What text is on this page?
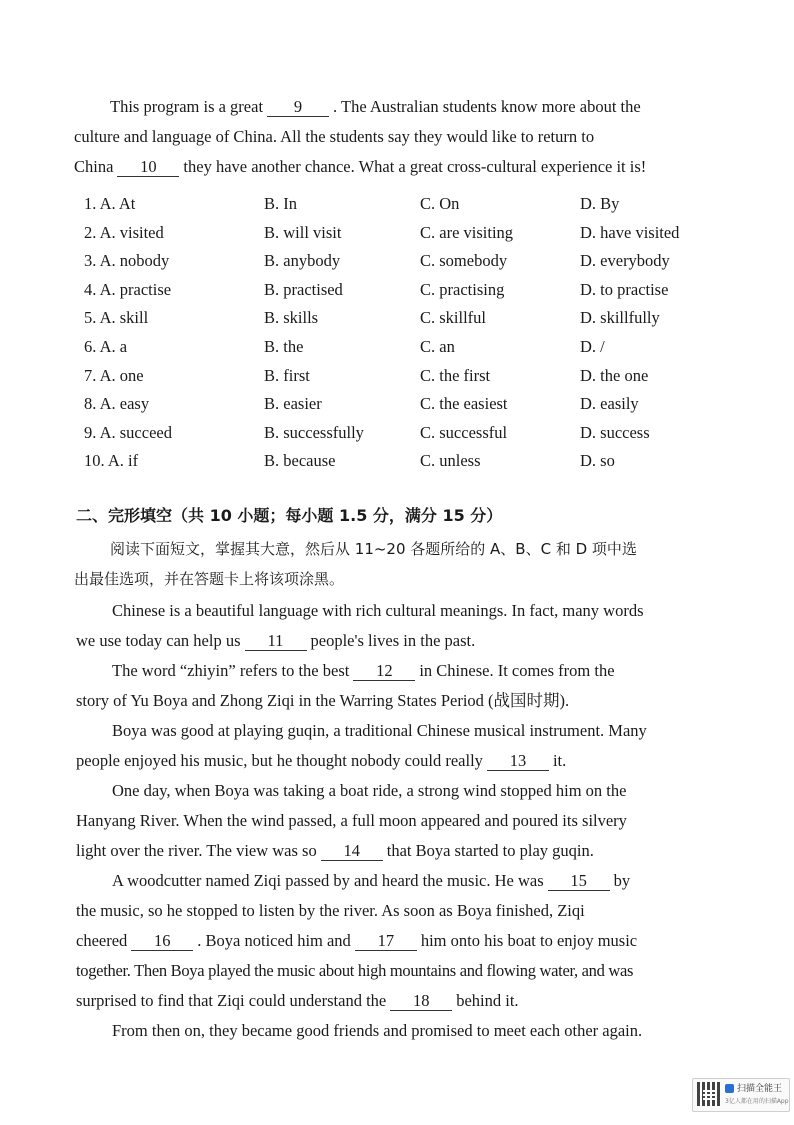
This program is a great 9 . The Australian students know more about the
culture and language of China. All the students say they would like to return to
China 10 they have another chance. What a great cross-cultural experience it is!
1. A. At	B. In	C. On	D. By
2. A. visited	B. will visit	C. are visiting	D. have visited
3. A. nobody	B. anybody	C. somebody	D. everybody
4. A. practise	B. practised	C. practising	D. to practise
5. A. skill	B. skills	C. skillful	D. skillfully
6. A. a	B. the	C. an	D. /
7. A. one	B. first	C. the first	D. the one
8. A. easy	B. easier	C. the easiest	D. easily
9. A. succeed	B. successfully	C. successful	D. success
10. A. if	B. because	C. unless	D. so
二、完形填空（共 10 小题；每小题 1.5 分，满分 15 分）
阅读下面短文，掌握其大意，然后从 11~20 各题所给的 A、B、C 和 D 项中选
出最佳选项，并在答题卡上将该项涂黑。
Chinese is a beautiful language with rich cultural meanings. In fact, many words
we use today can help us 11 people's lives in the past.
The word “zhiyin” refers to the best 12 in Chinese. It comes from the
story of Yu Boya and Zhong Ziqi in the Warring States Period (战国时期).
Boya was good at playing guqin, a traditional Chinese musical instrument. Many
people enjoyed his music, but he thought nobody could really 13 it.
One day, when Boya was taking a boat ride, a strong wind stopped him on the
Hanyang River. When the wind passed, a full moon appeared and poured its silvery
light over the river. The view was so 14 that Boya started to play guqin.
A woodcutter named Ziqi passed by and heard the music. He was 15 by
the music, so he stopped to listen by the river. As soon as Boya finished, Ziqi
cheered 16 . Boya noticed him and 17 him onto his boat to enjoy music
together. Then Boya played the music about high mountains and flowing water, and was
surprised to find that Ziqi could understand the 18 behind it.
From then on, they became good friends and promised to meet each other again.
扫描全能王
3亿人都在用的扫描App
